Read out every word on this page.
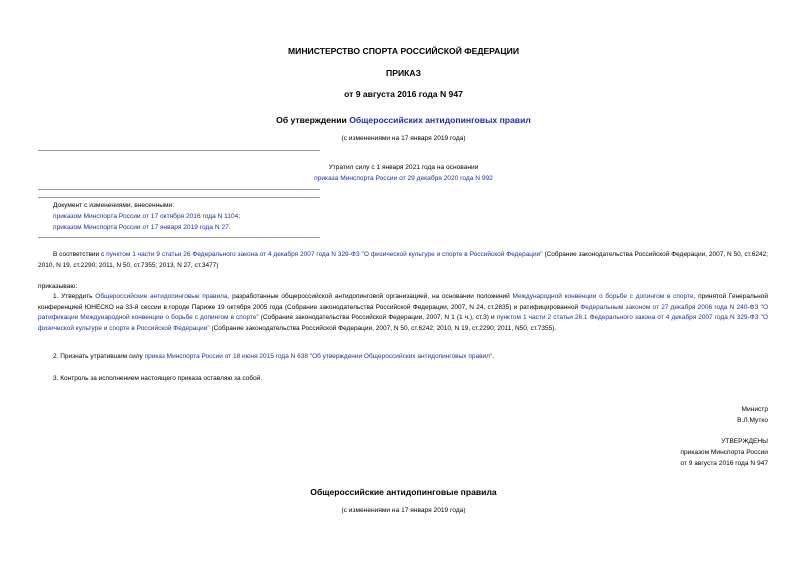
МИНИСТЕРСТВО СПОРТА РОССИЙСКОЙ ФЕДЕРАЦИИ
ПРИКАЗ
от 9 августа 2016 года N 947
Об утверждении Общероссийских антидопинговых правил
(с изменениями на 17 января 2019 года)
Утратил силу с 1 января 2021 года на основании
приказа Минспорта России от 29 декабря 2020 года N 992
Документ с изменениями, внесенными:
приказом Минспорта России от 17 октября 2016 года N 1104;
приказом Минспорта России от 17 января 2019 года N 27.
В соответствии с пунктом 1 части 9 статьи 26 Федерального закона от 4 декабря 2007 года N 329-ФЗ "О физической культуре и спорте в Российской Федерации" (Собрание законодательства Российской Федерации, 2007, N 50, ст.6242; 2010, N 19, ст.2290; 2011, N 50, ст.7355; 2013, N 27, ст.3477)
приказываю:
1. Утвердить Общероссийские антидопинговые правила, разработанные общероссийской антидопинговой организацией, на основании положений Международной конвенции о борьбе с допингом в спорте, принятой Генеральной конференцией ЮНЕСКО на 33-й сессии в городе Париже 19 октября 2005 года (Собрание законодательства Российской Федерации, 2007, N 24, ст.2835) и ратифицированной Федеральным законом от 27 декабря 2006 года N 240-ФЗ "О ратификации Международной конвенции о борьбе с допингом в спорте" (Собрание законодательства Российской Федерации, 2007, N 1 (1 ч.), ст.3) и пунктом 1 части 2 статьи 26.1 Федерального закона от 4 декабря 2007 года N 329-ФЗ "О физической культуре и спорте в Российской Федерации" (Собрание законодательства Российской Федерации, 2007, N 50, ст.6242; 2010, N 19, ст.2290; 2011, N50, ст.7355).
2. Признать утратившим силу приказ Минспорта России от 18 июня 2015 года N 638 "Об утверждении Общероссийских антидопинговых правил".
3. Контроль за исполнением настоящего приказа оставляю за собой.
Министр
В.Л.Мутко
УТВЕРЖДЕНЫ
приказом Минспорта России
от 9 августа 2016 года N 947
Общероссийские антидопинговые правила
(с изменениями на 17 января 2019 года)
